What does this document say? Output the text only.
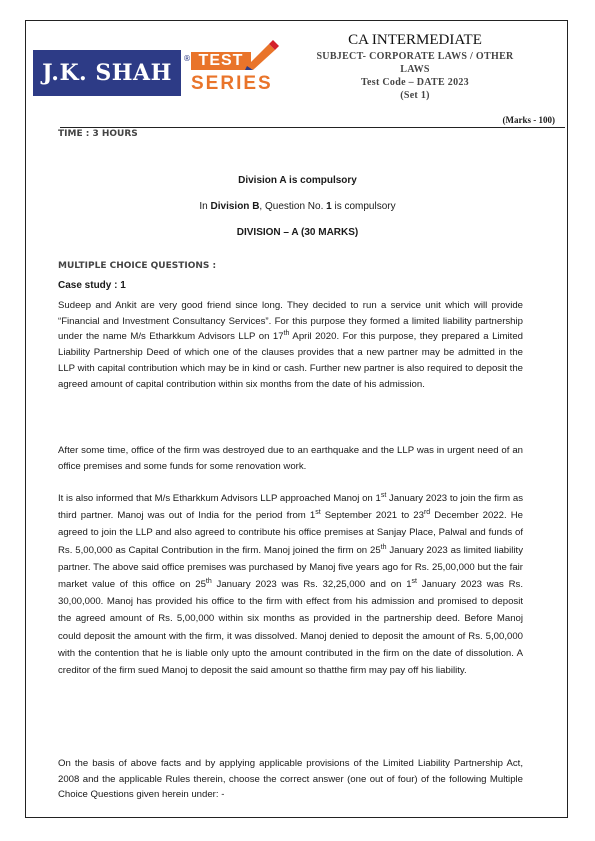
J.K. SHAH
® TEST
SERIES
CA INTERMEDIATE
SUBJECT- CORPORATE LAWS / OTHER
LAWS
Test Code – DATE 2023
(Set 1)
(Marks - 100)
TIME : 3 HOURS
Division A is compulsory
In Division B, Question No. 1 is compulsory
DIVISION – A (30 MARKS)
MULTIPLE CHOICE QUESTIONS :
Case study : 1

Sudeep and Ankit are very good friend since long. They decided to run a service unit which will provide “Financial and Investment Consultancy Services”. For this purpose they formed a limited liability partnership under the name M/s Etharkkum Advisors LLP on 17th April 2020. For this purpose, they prepared a Limited Liability Partnership Deed of which one of the clauses provides that a new partner may be admitted in the LLP with capital contribution which may be in kind or cash. Further new partner is also required to deposit the agreed amount of capital contribution within six months from the date of his admission.

After some time, office of the firm was destroyed due to an earthquake and the LLP was in urgent need of an office premises and some funds for some renovation work.

It is also informed that M/s Etharkkum Advisors LLP approached Manoj on 1st January 2023 to join the firm as third partner. Manoj was out of India for the period from 1st September 2021 to 23rd December 2022. He agreed to join the LLP and also agreed to contribute his office premises at Sanjay Place, Palwal and funds of Rs. 5,00,000 as Capital Contribution in the firm. Manoj joined the firm on 25th January 2023 as limited liability partner. The above said office premises was purchased by Manoj five years ago for Rs. 25,00,000 but the fair market value of this office on 25th January 2023 was Rs. 32,25,000 and on 1st January 2023 was Rs. 30,00,000. Manoj has provided his office to the firm with effect from his admission and promised to deposit the agreed amount of Rs. 5,00,000 within six months as provided in the partnership deed. Before Manoj could deposit the amount with the firm, it was dissolved. Manoj denied to deposit the amount of Rs. 5,00,000 with the contention that he is liable only upto the amount contributed in the firm on the date of dissolution. A creditor of the firm sued Manoj to deposit the said amount so thatthe firm may pay off his liability.

On the basis of above facts and by applying applicable provisions of the Limited Liability Partnership Act, 2008 and the applicable Rules therein, choose the correct answer (one out of four) of the following Multiple Choice Questions given herein under: -
